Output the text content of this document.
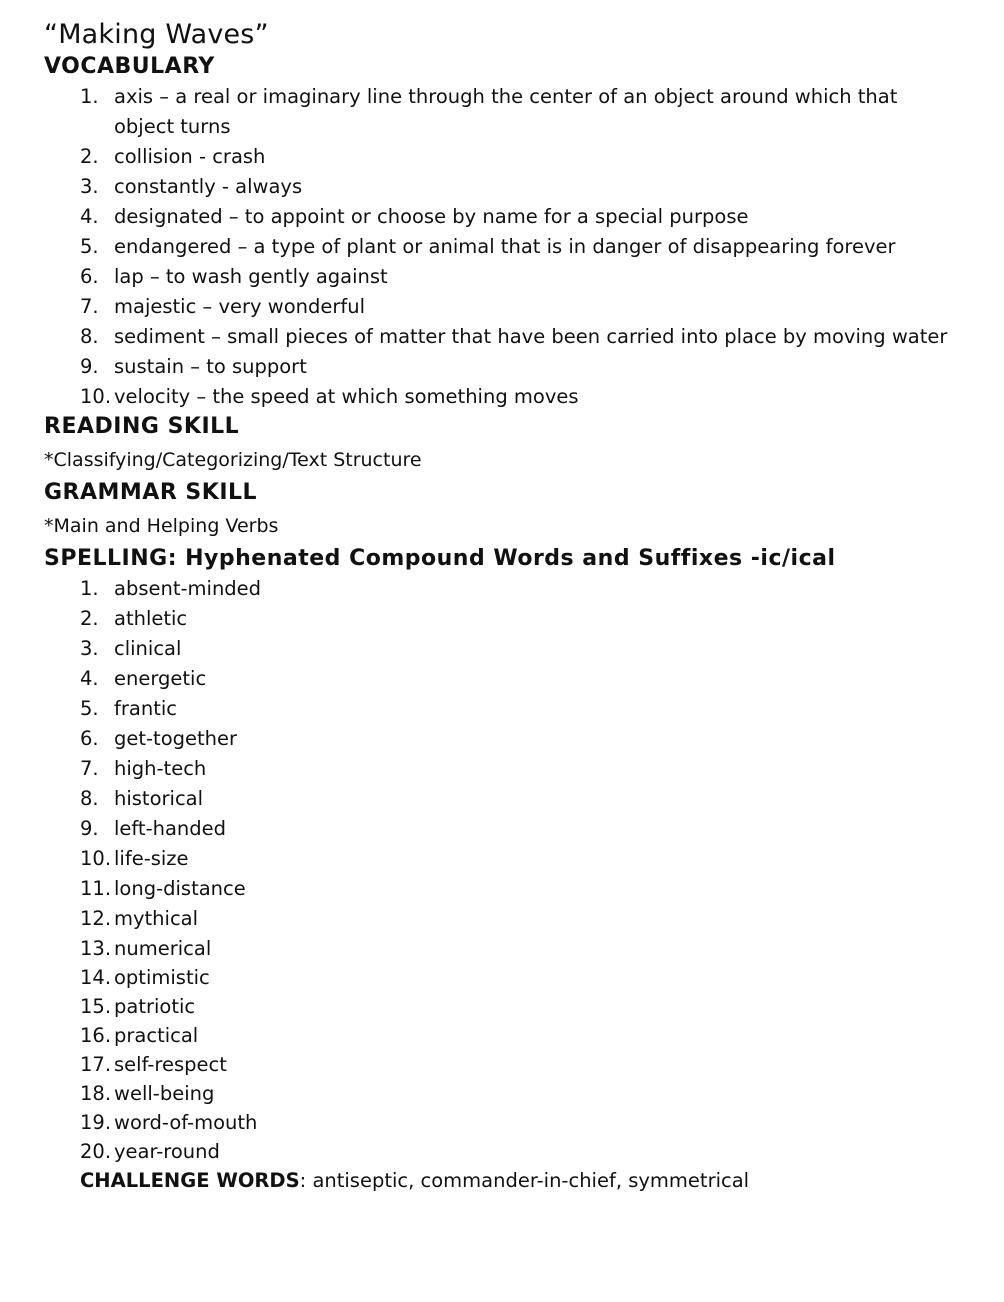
“Making Waves”
VOCABULARY
1. axis – a real or imaginary line through the center of an object around which that object turns
2. collision - crash
3. constantly - always
4. designated – to appoint or choose by name for a special purpose
5. endangered – a type of plant or animal that is in danger of disappearing forever
6. lap – to wash gently against
7. majestic – very wonderful
8. sediment – small pieces of matter that have been carried into place by moving water
9. sustain – to support
10. velocity – the speed at which something moves
READING SKILL
*Classifying/Categorizing/Text Structure
GRAMMAR SKILL
*Main and Helping Verbs
SPELLING: Hyphenated Compound Words and Suffixes -ic/ical
1. absent-minded
2. athletic
3. clinical
4. energetic
5. frantic
6. get-together
7. high-tech
8. historical
9. left-handed
10. life-size
11. long-distance
12. mythical
13. numerical
14. optimistic
15. patriotic
16. practical
17. self-respect
18. well-being
19. word-of-mouth
20. year-round
CHALLENGE WORDS: antiseptic, commander-in-chief, symmetrical
